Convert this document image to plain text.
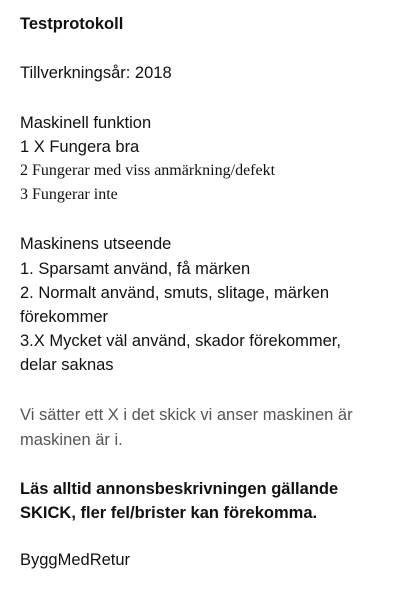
Testprotokoll
Tillverkningsår: 2018
Maskinell funktion
1 X Fungera bra
2 Fungerar med viss anmärkning/defekt
3 Fungerar inte
Maskinens utseende
1. Sparsamt använd, få märken
2. Normalt använd, smuts, slitage, märken
förekommer
3.X Mycket väl använd, skador förekommer,
delar saknas
Vi sätter ett X i det skick vi anser maskinen är
maskinen är i.
Läs alltid annonsbeskrivningen gällande
SKICK, fler fel/brister kan förekomma.
ByggMedRetur
